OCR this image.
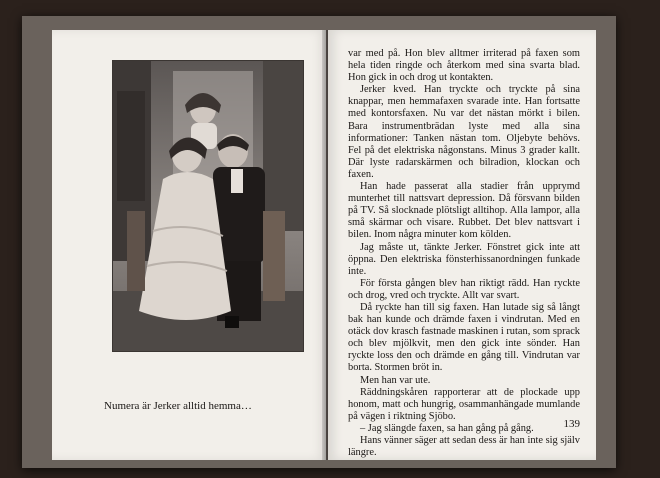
Numera är Jerker alltid hemma…

var med på. Hon blev alltmer irriterad på faxen som hela tiden ringde och återkom med sina svarta blad. Hon gick in och drog ut kontakten.

Jerker kved. Han tryckte och tryckte på sina knappar, men hemmafaxen svarade inte. Han fortsatte med kontorsfaxen. Nu var det nästan mörkt i bilen. Bara instrumentbrädan lyste med alla sina informationer: Tanken nästan tom. Oljebyte behövs. Fel på det elektriska någonstans. Minus 3 grader kallt. Där lyste radarskärmen och bilradion, klockan och faxen.

Han hade passerat alla stadier från upprymd munterhet till nattsvart depression. Då försvann bilden på TV. Så slocknade plötsligt alltihop. Alla lampor, alla små skärmar och visare. Rubbet. Det blev nattsvart i bilen. Inom några minuter kom kölden.

Jag måste ut, tänkte Jerker. Fönstret gick inte att öppna. Den elektriska fönsterhissanordningen funkade inte.

För första gången blev han riktigt rädd. Han ryckte och drog, vred och tryckte. Allt var svart.

Då ryckte han till sig faxen. Han lutade sig så långt bak han kunde och drämde faxen i vindrutan. Med en otäck dov krasch fastnade maskinen i rutan, som sprack och blev mjölkvit, men den gick inte sönder. Han ryckte loss den och drämde en gång till. Vindrutan var borta. Stormen bröt in.

Men han var ute.

Räddningskåren rapporterar att de plockade upp honom, matt och hungrig, osammanhängade mumlande på vägen i riktning Sjöbo.

– Jag slängde faxen, sa han gång på gång.

Hans vänner säger att sedan dess är han inte sig själv längre.

139
